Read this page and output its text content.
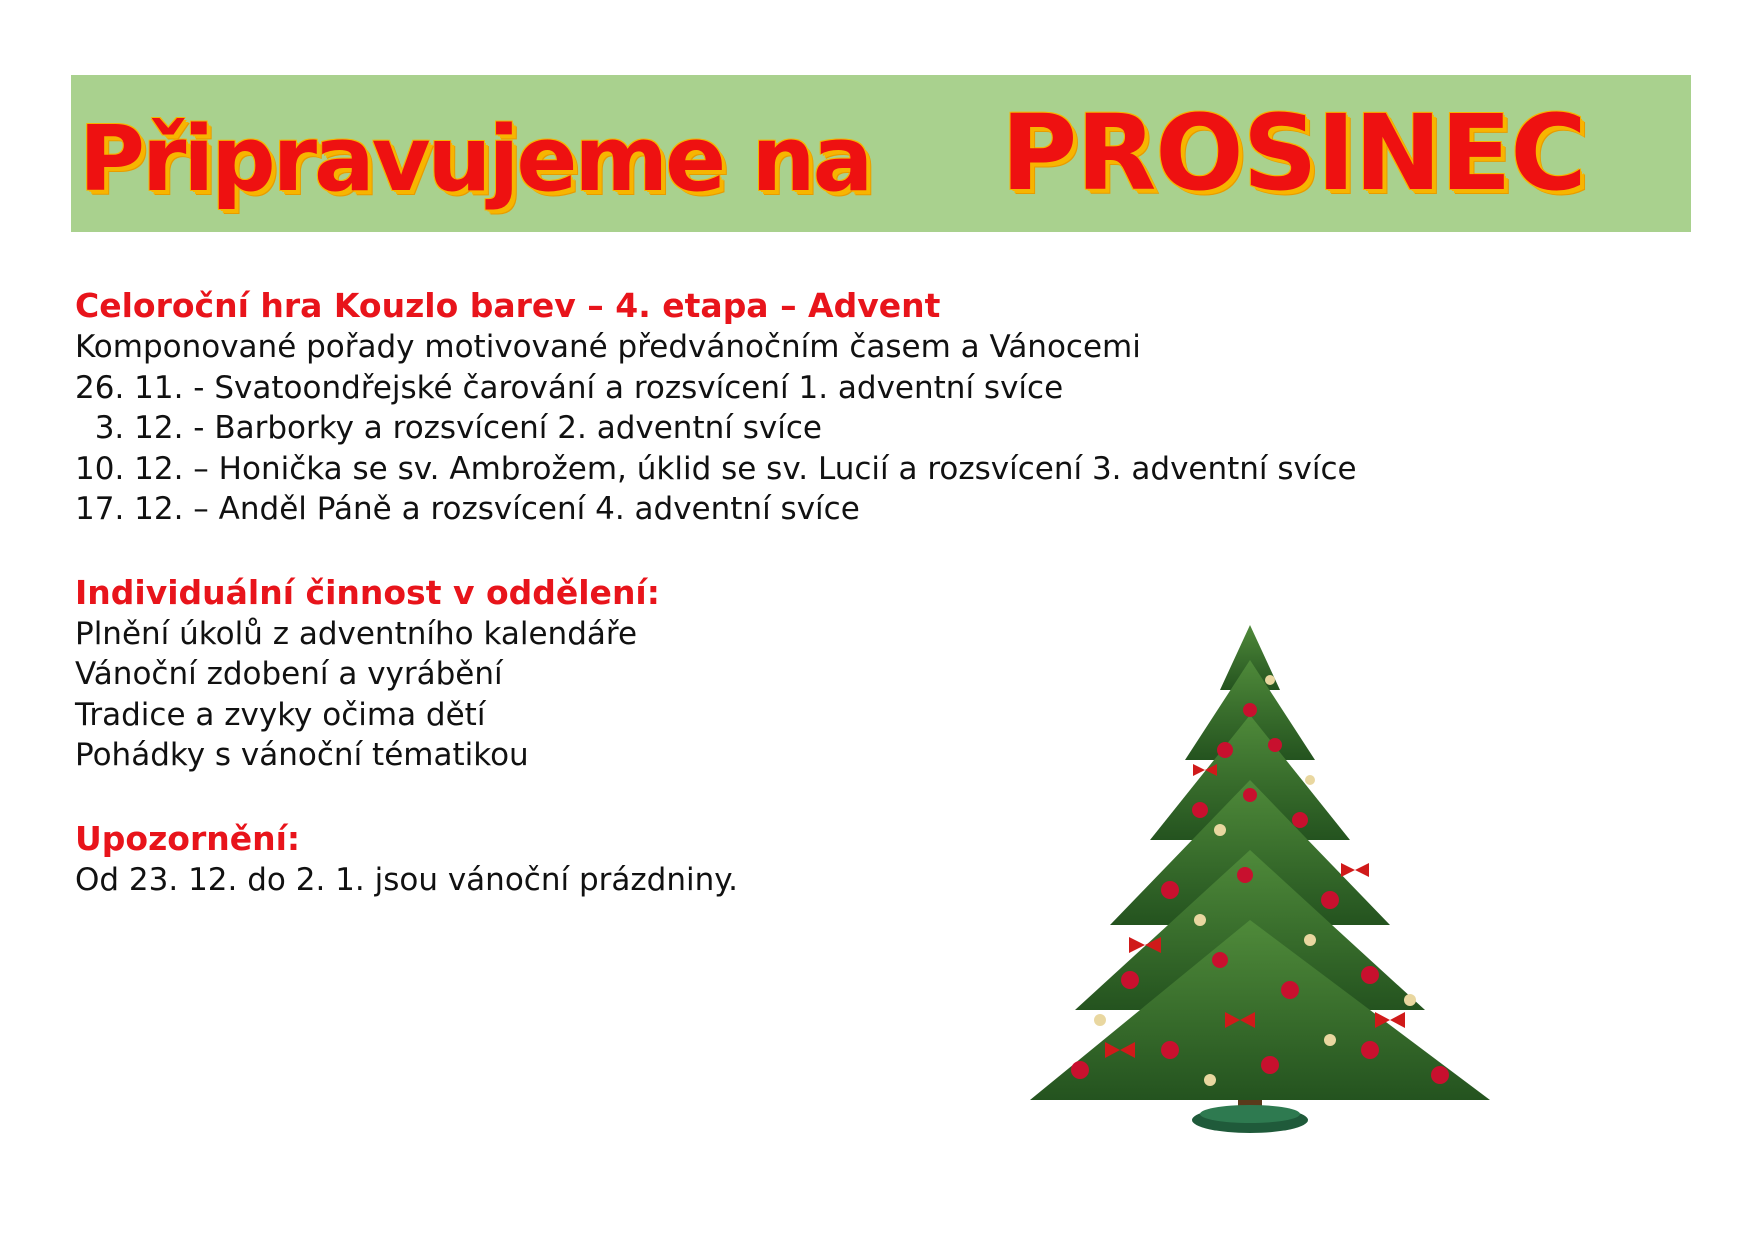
Připravujeme na PROSINEC

Celoroční hra Kouzlo barev – 4. etapa – Advent

Komponované pořady motivované předvánočním časem a Vánocemi

26. 11. - Svatoondřejské čarování a rozsvícení 1. adventní svíce

3. 12. - Barborky a rozsvícení 2. adventní svíce

10. 12. – Honička se sv. Ambrožem, úklid se sv. Lucií a rozsvícení 3. adventní svíce

17. 12. – Anděl Páně a rozsvícení 4. adventní svíce

Individuální činnost v oddělení:

Plnění úkolů z adventního kalendáře

Vánoční zdobení a vyrábění

Tradice a zvyky očima dětí

Pohádky s vánoční tématikou

Upozornění:

Od 23. 12. do 2. 1. jsou vánoční prázdniny.
